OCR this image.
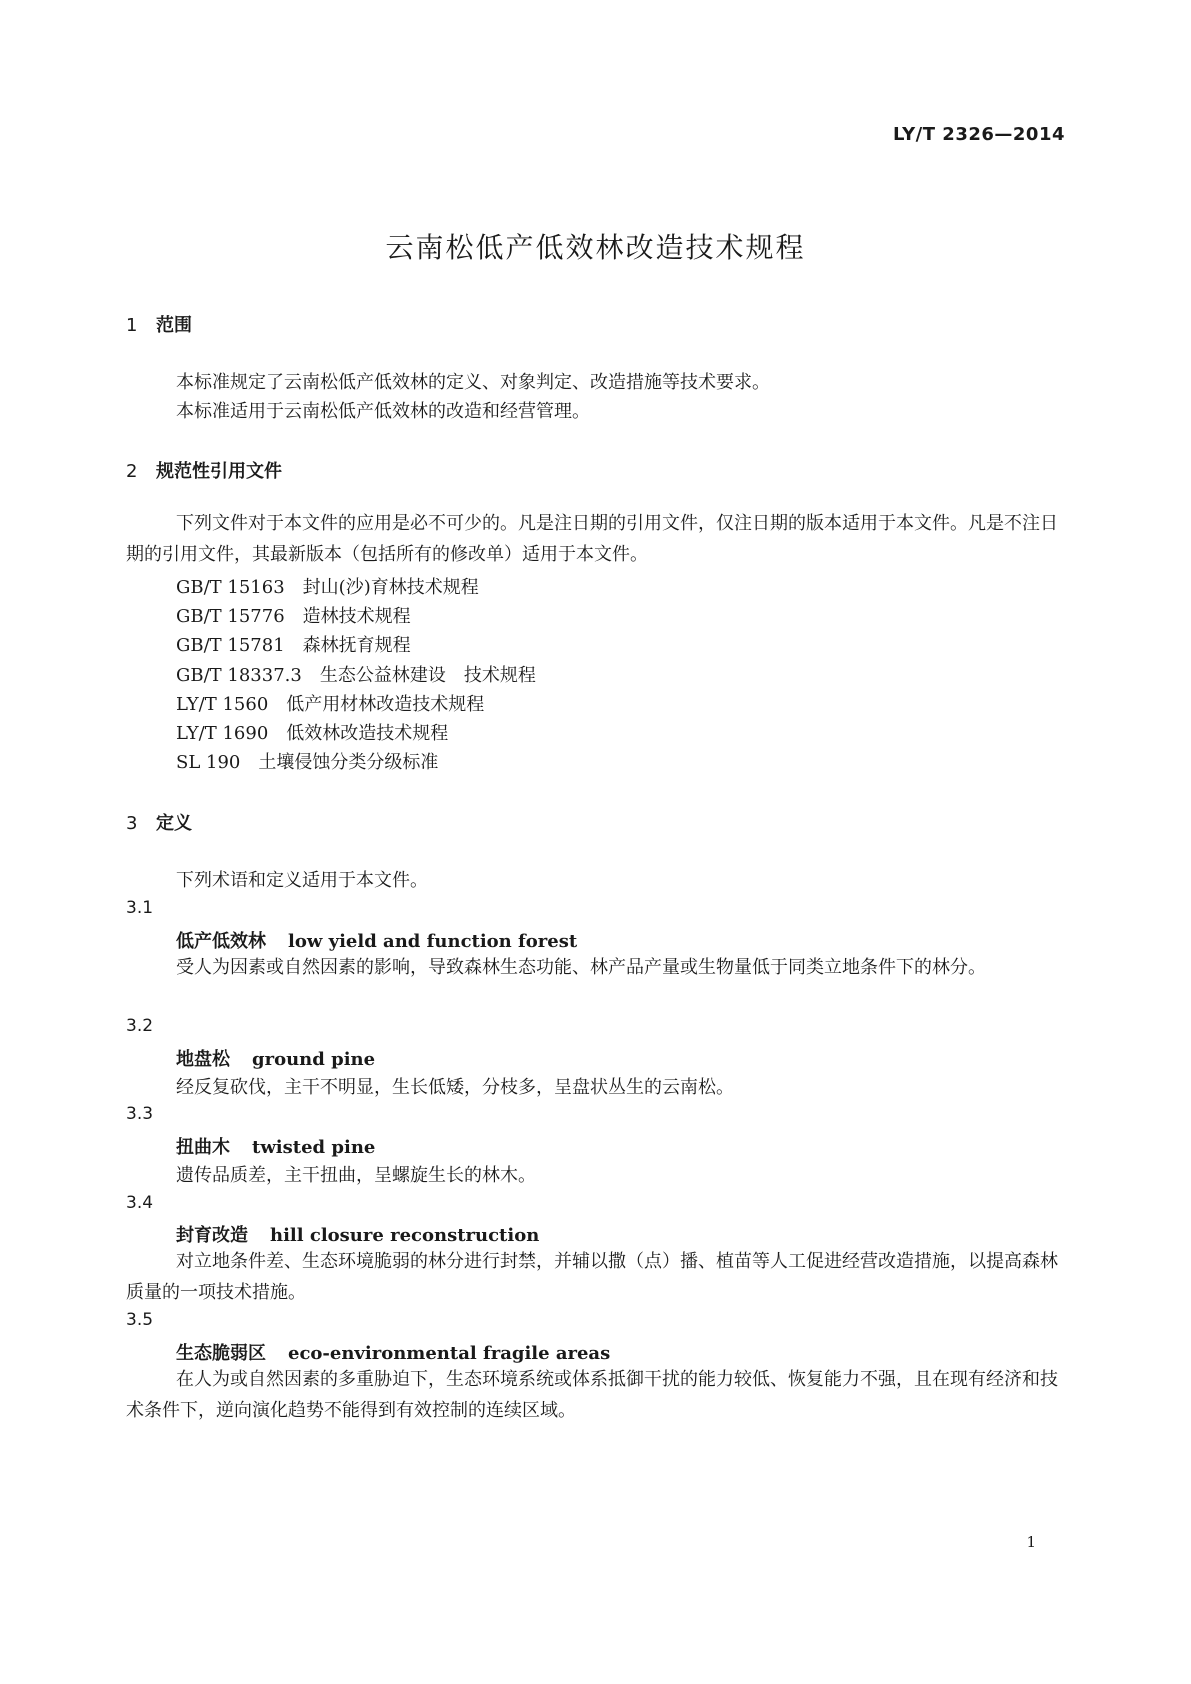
LY/T 2326—2014
云南松低产低效林改造技术规程
1 范围
本标准规定了云南松低产低效林的定义、对象判定、改造措施等技术要求。
本标准适用于云南松低产低效林的改造和经营管理。
2 规范性引用文件
下列文件对于本文件的应用是必不可少的。凡是注日期的引用文件，仅注日期的版本适用于本文件。凡是不注日期的引用文件，其最新版本（包括所有的修改单）适用于本文件。
GB/T 15163　 封山(沙)育林技术规程
GB/T 15776　 造林技术规程
GB/T 15781　 森林抚育规程
GB/T 18337.3　 生态公益林建设　技术规程
LY/T 1560　 低产用材林改造技术规程
LY/T 1690　 低效林改造技术规程
SL 190　 土壤侵蚀分类分级标准
3 定义
下列术语和定义适用于本文件。
3.1
低产低效林 low yield and function forest
受人为因素或自然因素的影响，导致森林生态功能、林产品产量或生物量低于同类立地条件下的林分。
3.2
地盘松 ground pine
经反复砍伐，主干不明显，生长低矮，分枝多，呈盘状丛生的云南松。
3.3
扭曲木 twisted pine
遗传品质差，主干扭曲，呈螺旋生长的林木。
3.4
封育改造 hill closure reconstruction
对立地条件差、生态环境脆弱的林分进行封禁，并辅以撒（点）播、植苗等人工促进经营改造措施，以提高森林质量的一项技术措施。
3.5
生态脆弱区 eco-environmental fragile areas
在人为或自然因素的多重胁迫下，生态环境系统或体系抵御干扰的能力较低、恢复能力不强，且在现有经济和技术条件下，逆向演化趋势不能得到有效控制的连续区域。
1
